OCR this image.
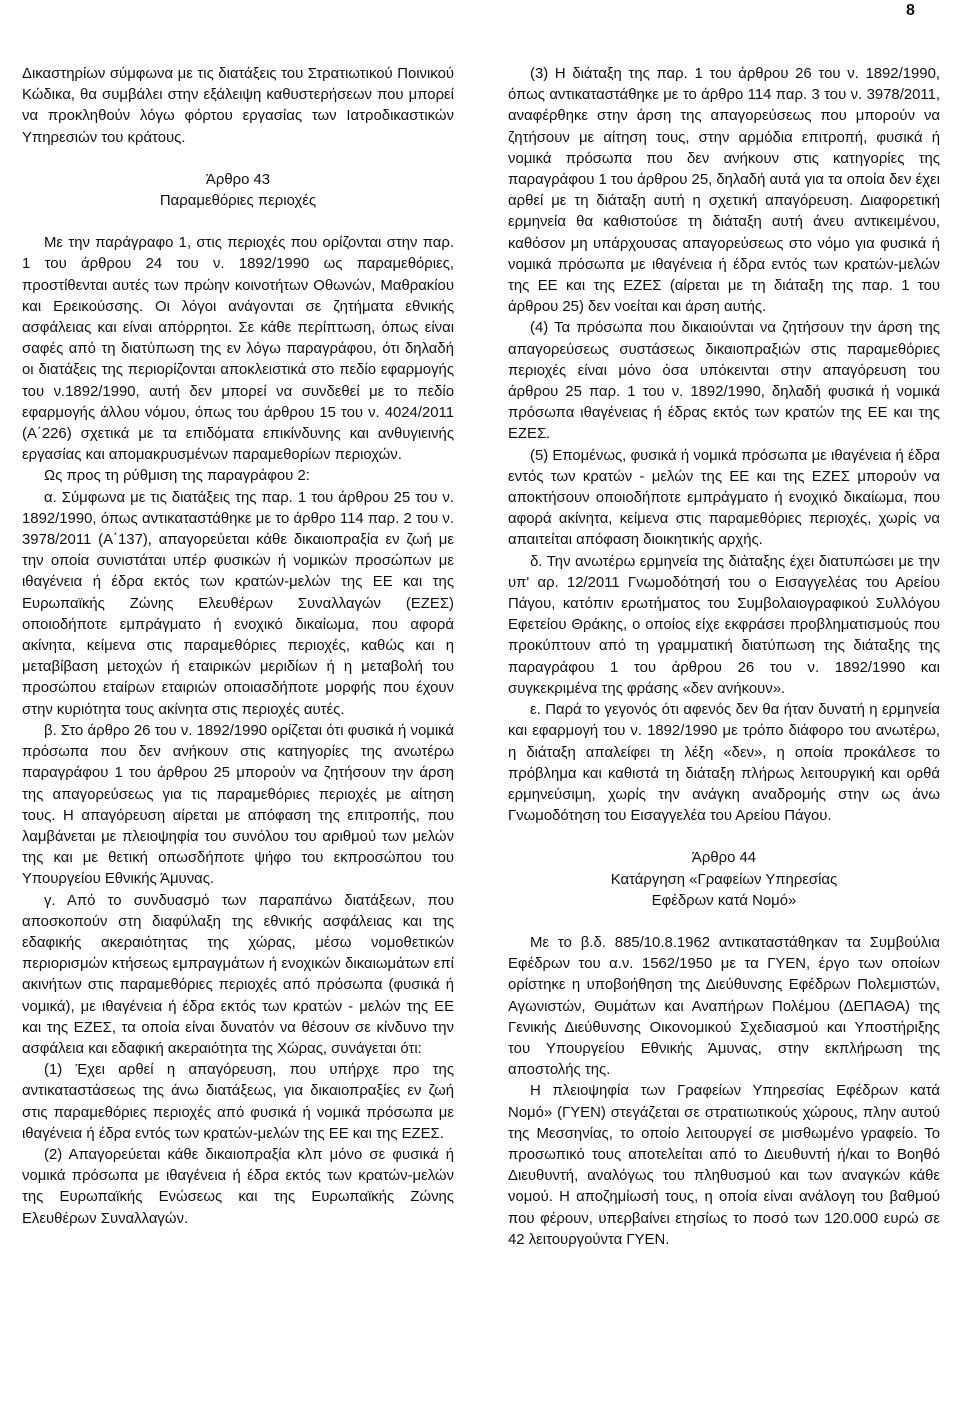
8

Δικαστηρίων σύμφωνα με τις διατάξεις του Στρατιωτικού Ποινικού Κώδικα, θα συμβάλει στην εξάλειψη καθυστερήσεων που μπορεί να προκληθούν λόγω φόρτου εργασίας των Ιατροδικαστικών Υπηρεσιών του κράτους.

Άρθρο 43

Παραμεθόριες περιοχές

Με την παράγραφο 1, στις περιοχές που ορίζονται στην παρ. 1 του άρθρου 24 του ν. 1892/1990 ως παραμεθόριες, προστίθενται αυτές των πρώην κοινοτήτων Οθωνών, Μαθρακίου και Ερεικούσσης. Οι λόγοι ανάγονται σε ζητήματα εθνικής ασφάλειας και είναι απόρρητοι. Σε κάθε περίπτωση, όπως είναι σαφές από τη διατύπωση της εν λόγω παραγράφου, ότι δηλαδή οι διατάξεις της περιορίζονται αποκλειστικά στο πεδίο εφαρμογής του ν.1892/1990, αυτή δεν μπορεί να συνδεθεί με το πεδίο εφαρμογής άλλου νόμου, όπως του άρθρου 15 του ν. 4024/2011 (Α΄226) σχετικά με τα επιδόματα επικίνδυνης και ανθυγιεινής εργασίας και απομακρυσμένων παραμεθορίων περιοχών.

Ως προς τη ρύθμιση της παραγράφου 2:

α. Σύμφωνα με τις διατάξεις της παρ. 1 του άρθρου 25 του ν. 1892/1990, όπως αντικαταστάθηκε με το άρθρο 114 παρ. 2 του ν. 3978/2011 (Α΄137), απαγορεύεται κάθε δικαιοπραξία εν ζωή με την οποία συνιστάται υπέρ φυσικών ή νομικών προσώπων με ιθαγένεια ή έδρα εκτός των κρατών-μελών της ΕΕ και της Ευρωπαϊκής Ζώνης Ελευθέρων Συναλλαγών (ΕΖΕΣ) οποιοδήποτε εμπράγματο ή ενοχικό δικαίωμα, που αφορά ακίνητα, κείμενα στις παραμεθόριες περιοχές, καθώς και η μεταβίβαση μετοχών ή εταιρικών μεριδίων ή η μεταβολή του προσώπου εταίρων εταιριών οποιασδήποτε μορφής που έχουν στην κυριότητα τους ακίνητα στις περιοχές αυτές.

β. Στο άρθρο 26 του ν. 1892/1990 ορίζεται ότι φυσικά ή νομικά πρόσωπα που δεν ανήκουν στις κατηγορίες της ανωτέρω παραγράφου 1 του άρθρου 25 μπορούν να ζητήσουν την άρση της απαγορεύσεως για τις παραμεθόριες περιοχές με αίτηση τους. Η απαγόρευση αίρεται με απόφαση της επιτροπής, που λαμβάνεται με πλειοψηφία του συνόλου του αριθμού των μελών της και με θετική οπωσδήποτε ψήφο του εκπροσώπου του Υπουργείου Εθνικής Άμυνας.

γ. Από το συνδυασμό των παραπάνω διατάξεων, που αποσκοπούν στη διαφύλαξη της εθνικής ασφάλειας και της εδαφικής ακεραιότητας της χώρας, μέσω νομοθετικών περιορισμών κτήσεως εμπραγμάτων ή ενοχικών δικαιωμάτων επί ακινήτων στις παραμεθόριες περιοχές από πρόσωπα (φυσικά ή νομικά), με ιθαγένεια ή έδρα εκτός των κρατών - μελών της ΕΕ και της ΕΖΕΣ, τα οποία είναι δυνατόν να θέσουν σε κίνδυνο την ασφάλεια και εδαφική ακεραιότητα της Χώρας, συνάγεται ότι:

(1) Έχει αρθεί η απαγόρευση, που υπήρχε προ της αντικαταστάσεως της άνω διατάξεως, για δικαιοπραξίες εν ζωή στις παραμεθόριες περιοχές από φυσικά ή νομικά πρόσωπα με ιθαγένεια ή έδρα εντός των κρατών-μελών της ΕΕ και της ΕΖΕΣ.

(2) Απαγορεύεται κάθε δικαιοπραξία κλπ μόνο σε φυσικά ή νομικά πρόσωπα με ιθαγένεια ή έδρα εκτός των κρατών-μελών της Ευρωπαϊκής Ενώσεως και της Ευρωπαϊκής Ζώνης Ελευθέρων Συναλλαγών.

(3) Η διάταξη της παρ. 1 του άρθρου 26 του ν. 1892/1990, όπως αντικαταστάθηκε με το άρθρο 114 παρ. 3 του ν. 3978/2011, αναφέρθηκε στην άρση της απαγορεύσεως που μπορούν να ζητήσουν με αίτηση τους, στην αρμόδια επιτροπή, φυσικά ή νομικά πρόσωπα που δεν ανήκουν στις κατηγορίες της παραγράφου 1 του άρθρου 25, δηλαδή αυτά για τα οποία δεν έχει αρθεί με τη διάταξη αυτή η σχετική απαγόρευση. Διαφορετική ερμηνεία θα καθιστούσε τη διάταξη αυτή άνευ αντικειμένου, καθόσον μη υπάρχουσας απαγορεύσεως στο νόμο για φυσικά ή νομικά πρόσωπα με ιθαγένεια ή έδρα εντός των κρατών-μελών της ΕΕ και της ΕΖΕΣ (αίρεται με τη διάταξη της παρ. 1 του άρθρου 25) δεν νοείται και άρση αυτής.

(4) Τα πρόσωπα που δικαιούνται να ζητήσουν την άρση της απαγορεύσεως συστάσεως δικαιοπραξιών στις παραμεθόριες περιοχές είναι μόνο όσα υπόκεινται στην απαγόρευση του άρθρου 25 παρ. 1 του ν. 1892/1990, δηλαδή φυσικά ή νομικά πρόσωπα ιθαγένειας ή έδρας εκτός των κρατών της ΕΕ και της ΕΖΕΣ.

(5) Επομένως, φυσικά ή νομικά πρόσωπα με ιθαγένεια ή έδρα εντός των κρατών - μελών της ΕΕ και της ΕΖΕΣ μπορούν να αποκτήσουν οποιοδήποτε εμπράγματο ή ενοχικό δικαίωμα, που αφορά ακίνητα, κείμενα στις παραμεθόριες περιοχές, χωρίς να απαιτείται απόφαση διοικητικής αρχής.

δ. Την ανωτέρω ερμηνεία της διάταξης έχει διατυπώσει με την υπ' αρ. 12/2011 Γνωμοδότησή του ο Εισαγγελέας του Αρείου Πάγου, κατόπιν ερωτήματος του Συμβολαιογραφικού Συλλόγου Εφετείου Θράκης, ο οποίος είχε εκφράσει προβληματισμούς που προκύπτουν από τη γραμματική διατύπωση της διάταξης της παραγράφου 1 του άρθρου 26 του ν. 1892/1990 και συγκεκριμένα της φράσης «δεν ανήκουν».

ε. Παρά το γεγονός ότι αφενός δεν θα ήταν δυνατή η ερμηνεία και εφαρμογή του ν. 1892/1990 με τρόπο διάφορο του ανωτέρω, η διάταξη απαλείφει τη λέξη «δεν», η οποία προκάλεσε το πρόβλημα και καθιστά τη διάταξη πλήρως λειτουργική και ορθά ερμηνεύσιμη, χωρίς την ανάγκη αναδρομής στην ως άνω Γνωμοδότηση του Εισαγγελέα του Αρείου Πάγου.

Άρθρο 44

Κατάργηση «Γραφείων Υπηρεσίας

Εφέδρων κατά Νομό»

Με το β.δ. 885/10.8.1962 αντικαταστάθηκαν τα Συμβούλια Εφέδρων του α.ν. 1562/1950 με τα ΓΥΕΝ, έργο των οποίων ορίστηκε η υποβοήθηση της Διεύθυνσης Εφέδρων Πολεμιστών, Αγωνιστών, Θυμάτων και Αναπήρων Πολέμου (ΔΕΠΑΘΑ) της Γενικής Διεύθυνσης Οικονομικού Σχεδιασμού και Υποστήριξης του Υπουργείου Εθνικής Άμυνας, στην εκπλήρωση της αποστολής της.

Η πλειοψηφία των Γραφείων Υπηρεσίας Εφέδρων κατά Νομό» (ΓΥΕΝ) στεγάζεται σε στρατιωτικούς χώρους, πλην αυτού της Μεσσηνίας, το οποίο λειτουργεί σε μισθωμένο γραφείο. Το προσωπικό τους αποτελείται από το Διευθυντή ή/και το Βοηθό Διευθυντή, αναλόγως του πληθυσμού και των αναγκών κάθε νομού. Η αποζημίωσή τους, η οποία είναι ανάλογη του βαθμού που φέρουν, υπερβαίνει ετησίως το ποσό των 120.000 ευρώ σε 42 λειτουργούντα ΓΥΕΝ.
